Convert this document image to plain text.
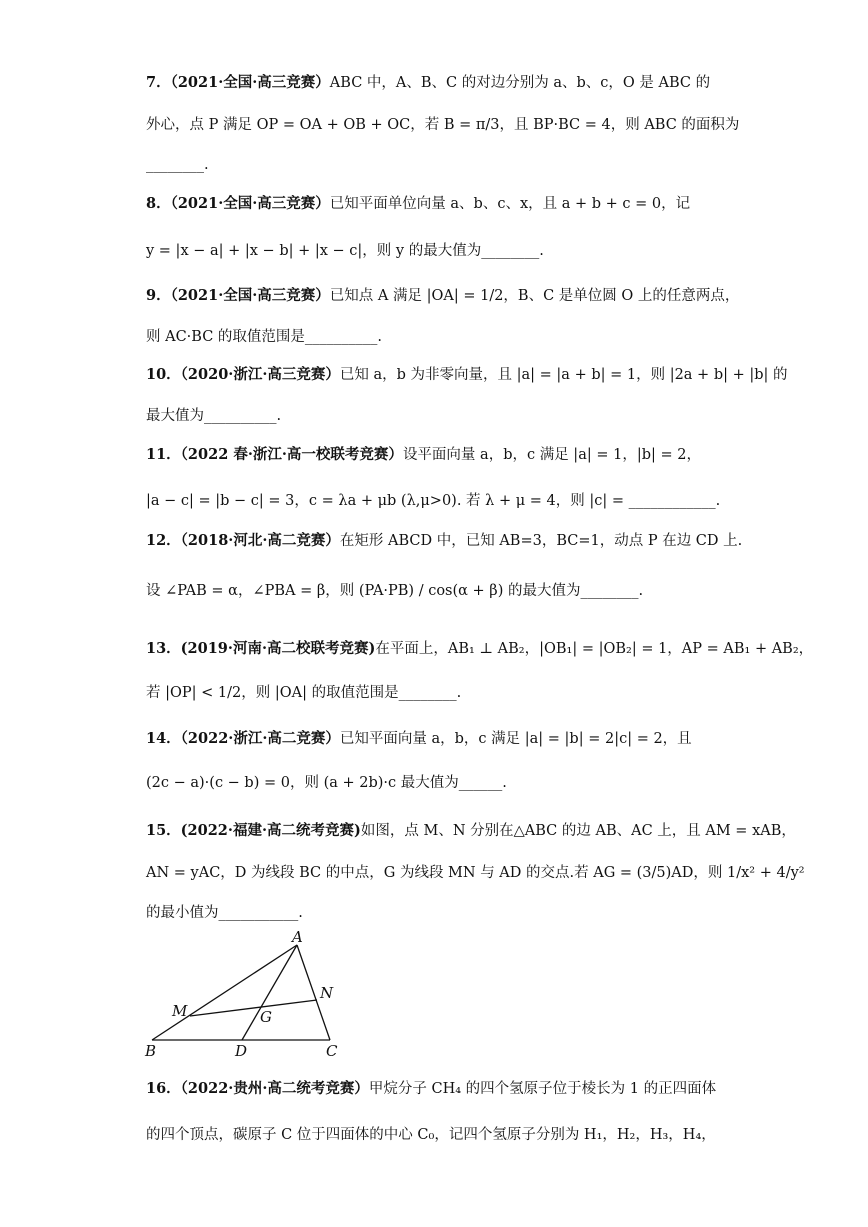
7．（2021·全国·高三竞赛）ABC 中，A、B、C 的对边分别为 a、b、c，O 是 ABC 的
外心，点 P 满足 OP = OA + OB + OC，若 B = π/3，且 BP·BC = 4，则 ABC 的面积为
________.
8．（2021·全国·高三竞赛）已知平面单位向量 a、b、c、x，且 a + b + c = 0，记
y = |x − a| + |x − b| + |x − c|，则 y 的最大值为________.
9．（2021·全国·高三竞赛）已知点 A 满足 |OA| = 1/2，B、C 是单位圆 O 上的任意两点，
则 AC·BC 的取值范围是__________.
10．（2020·浙江·高三竞赛）已知 a，b 为非零向量，且 |a| = |a + b| = 1，则 |2a + b| + |b| 的
最大值为__________.
11．（2022 春·浙江·高一校联考竞赛）设平面向量 a，b，c 满足 |a| = 1，|b| = 2，
|a − c| = |b − c| = 3，c = λa + μb (λ,μ>0). 若 λ + μ = 4，则 |c| = ____________.
12．（2018·河北·高二竞赛）在矩形 ABCD 中，已知 AB=3，BC=1，动点 P 在边 CD 上.
设 ∠PAB = α，∠PBA = β，则 (PA·PB) / cos(α + β) 的最大值为________.
13．(2019·河南·高二校联考竞赛)在平面上，AB₁ ⊥ AB₂，|OB₁| = |OB₂| = 1，AP = AB₁ + AB₂，
若 |OP| < 1/2，则 |OA| 的取值范围是________.
14．（2022·浙江·高二竞赛）已知平面向量 a，b，c 满足 |a| = |b| = 2|c| = 2，且
(2c − a)·(c − b) = 0，则 (a + 2b)·c 最大值为______.
15．(2022·福建·高二统考竞赛)如图，点 M、N 分别在△ABC 的边 AB、AC 上，且 AM = xAB，
AN = yAC，D 为线段 BC 的中点，G 为线段 MN 与 AD 的交点.若 AG = (3/5)AD，则 1/x² + 4/y²
的最小值为___________.
A
B	C
D
M
N
G
16．（2022·贵州·高二统考竞赛）甲烷分子 CH₄ 的四个氢原子位于棱长为 1 的正四面体
的四个顶点，碳原子 C 位于四面体的中心 C₀，记四个氢原子分别为 H₁，H₂，H₃，H₄，
